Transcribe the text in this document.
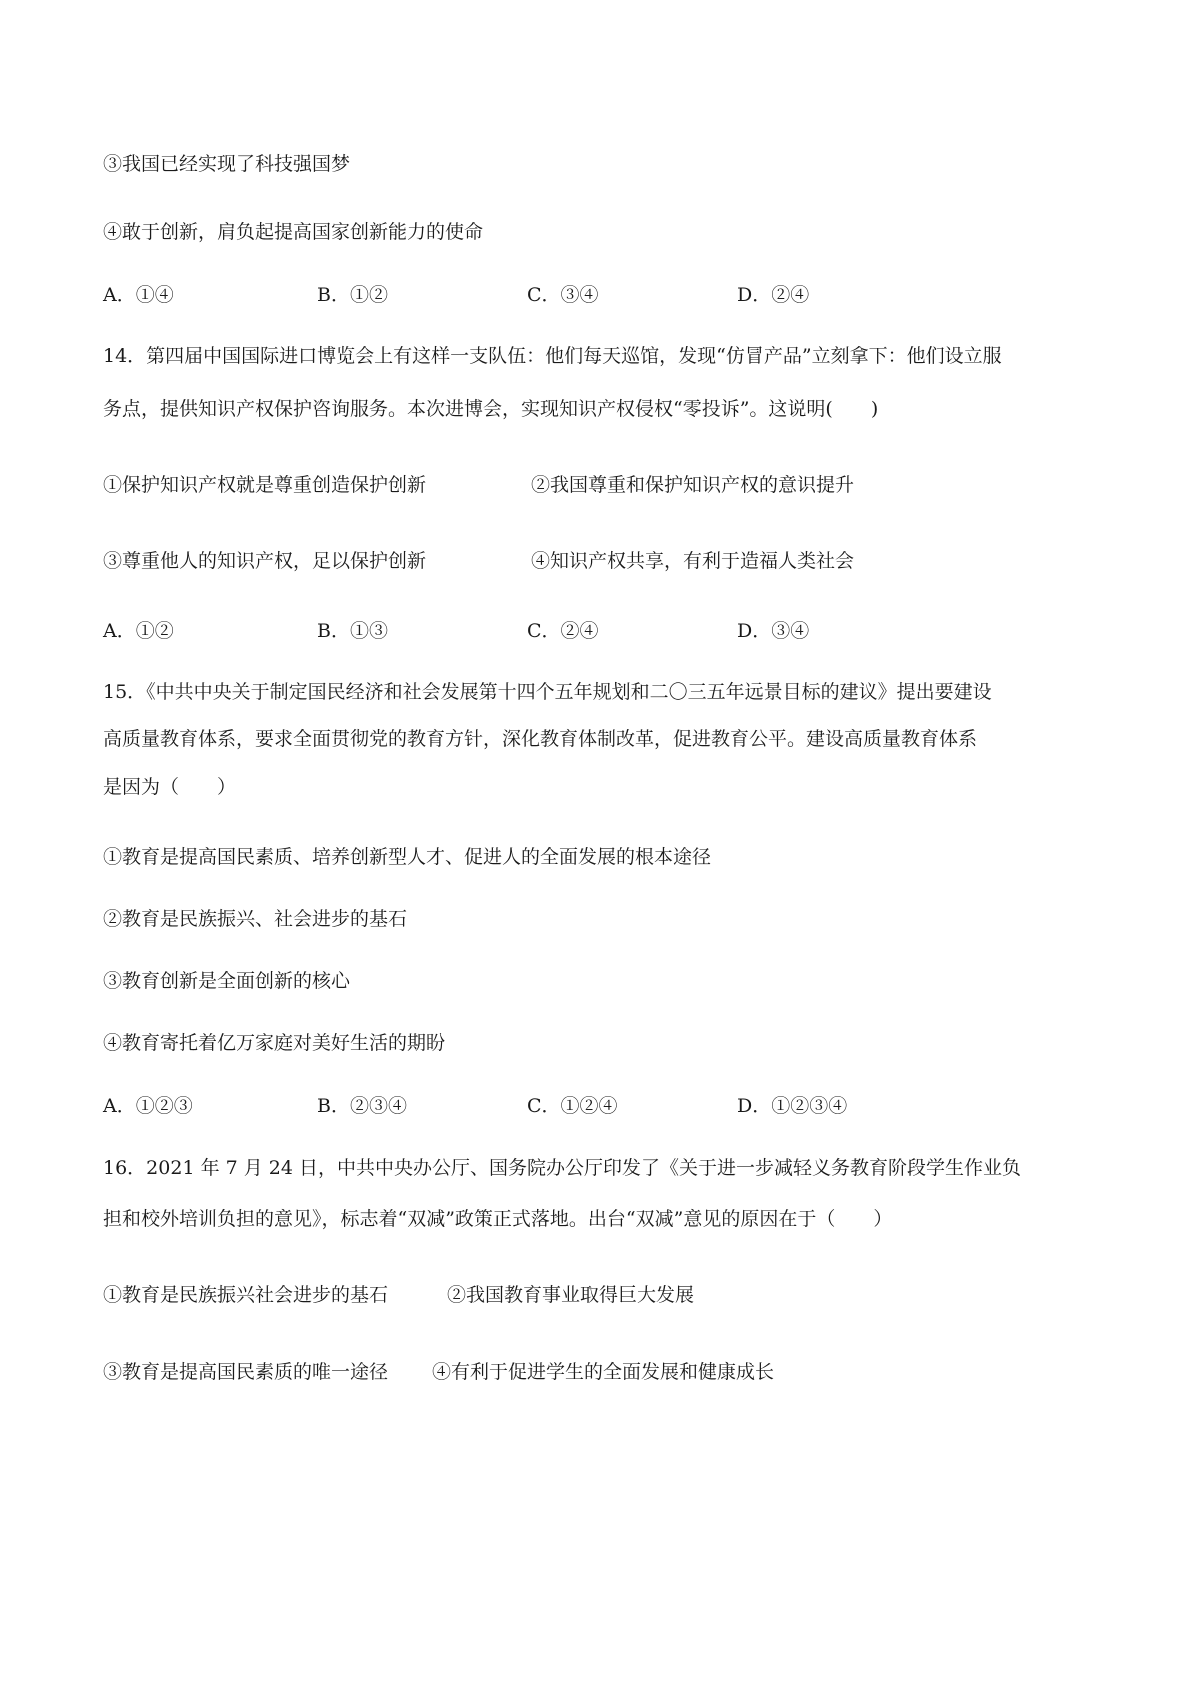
③我国已经实现了科技强国梦
④敢于创新，肩负起提高国家创新能力的使命
A．①④	B．①②	C．③④	D．②④
14．第四届中国国际进口博览会上有这样一支队伍：他们每天巡馆，发现“仿冒产品”立刻拿下：他们设立服
务点，提供知识产权保护咨询服务。本次进博会，实现知识产权侵权“零投诉”。这说明(　　)
①保护知识产权就是尊重创造保护创新	②我国尊重和保护知识产权的意识提升
③尊重他人的知识产权，足以保护创新	④知识产权共享，有利于造福人类社会
A．①②	B．①③	C．②④	D．③④
15．《中共中央关于制定国民经济和社会发展第十四个五年规划和二〇三五年远景目标的建议》提出要建设
高质量教育体系，要求全面贯彻党的教育方针，深化教育体制改革，促进教育公平。建设高质量教育体系
是因为（　　）
①教育是提高国民素质、培养创新型人才、促进人的全面发展的根本途径
②教育是民族振兴、社会进步的基石
③教育创新是全面创新的核心
④教育寄托着亿万家庭对美好生活的期盼
A．①②③	B．②③④	C．①②④	D．①②③④
16．2021 年 7 月 24 日，中共中央办公厅、国务院办公厅印发了《关于进一步减轻义务教育阶段学生作业负
担和校外培训负担的意见》，标志着“双减”政策正式落地。出台“双减”意见的原因在于（　　）
①教育是民族振兴社会进步的基石	②我国教育事业取得巨大发展
③教育是提高国民素质的唯一途径 ④有利于促进学生的全面发展和健康成长
